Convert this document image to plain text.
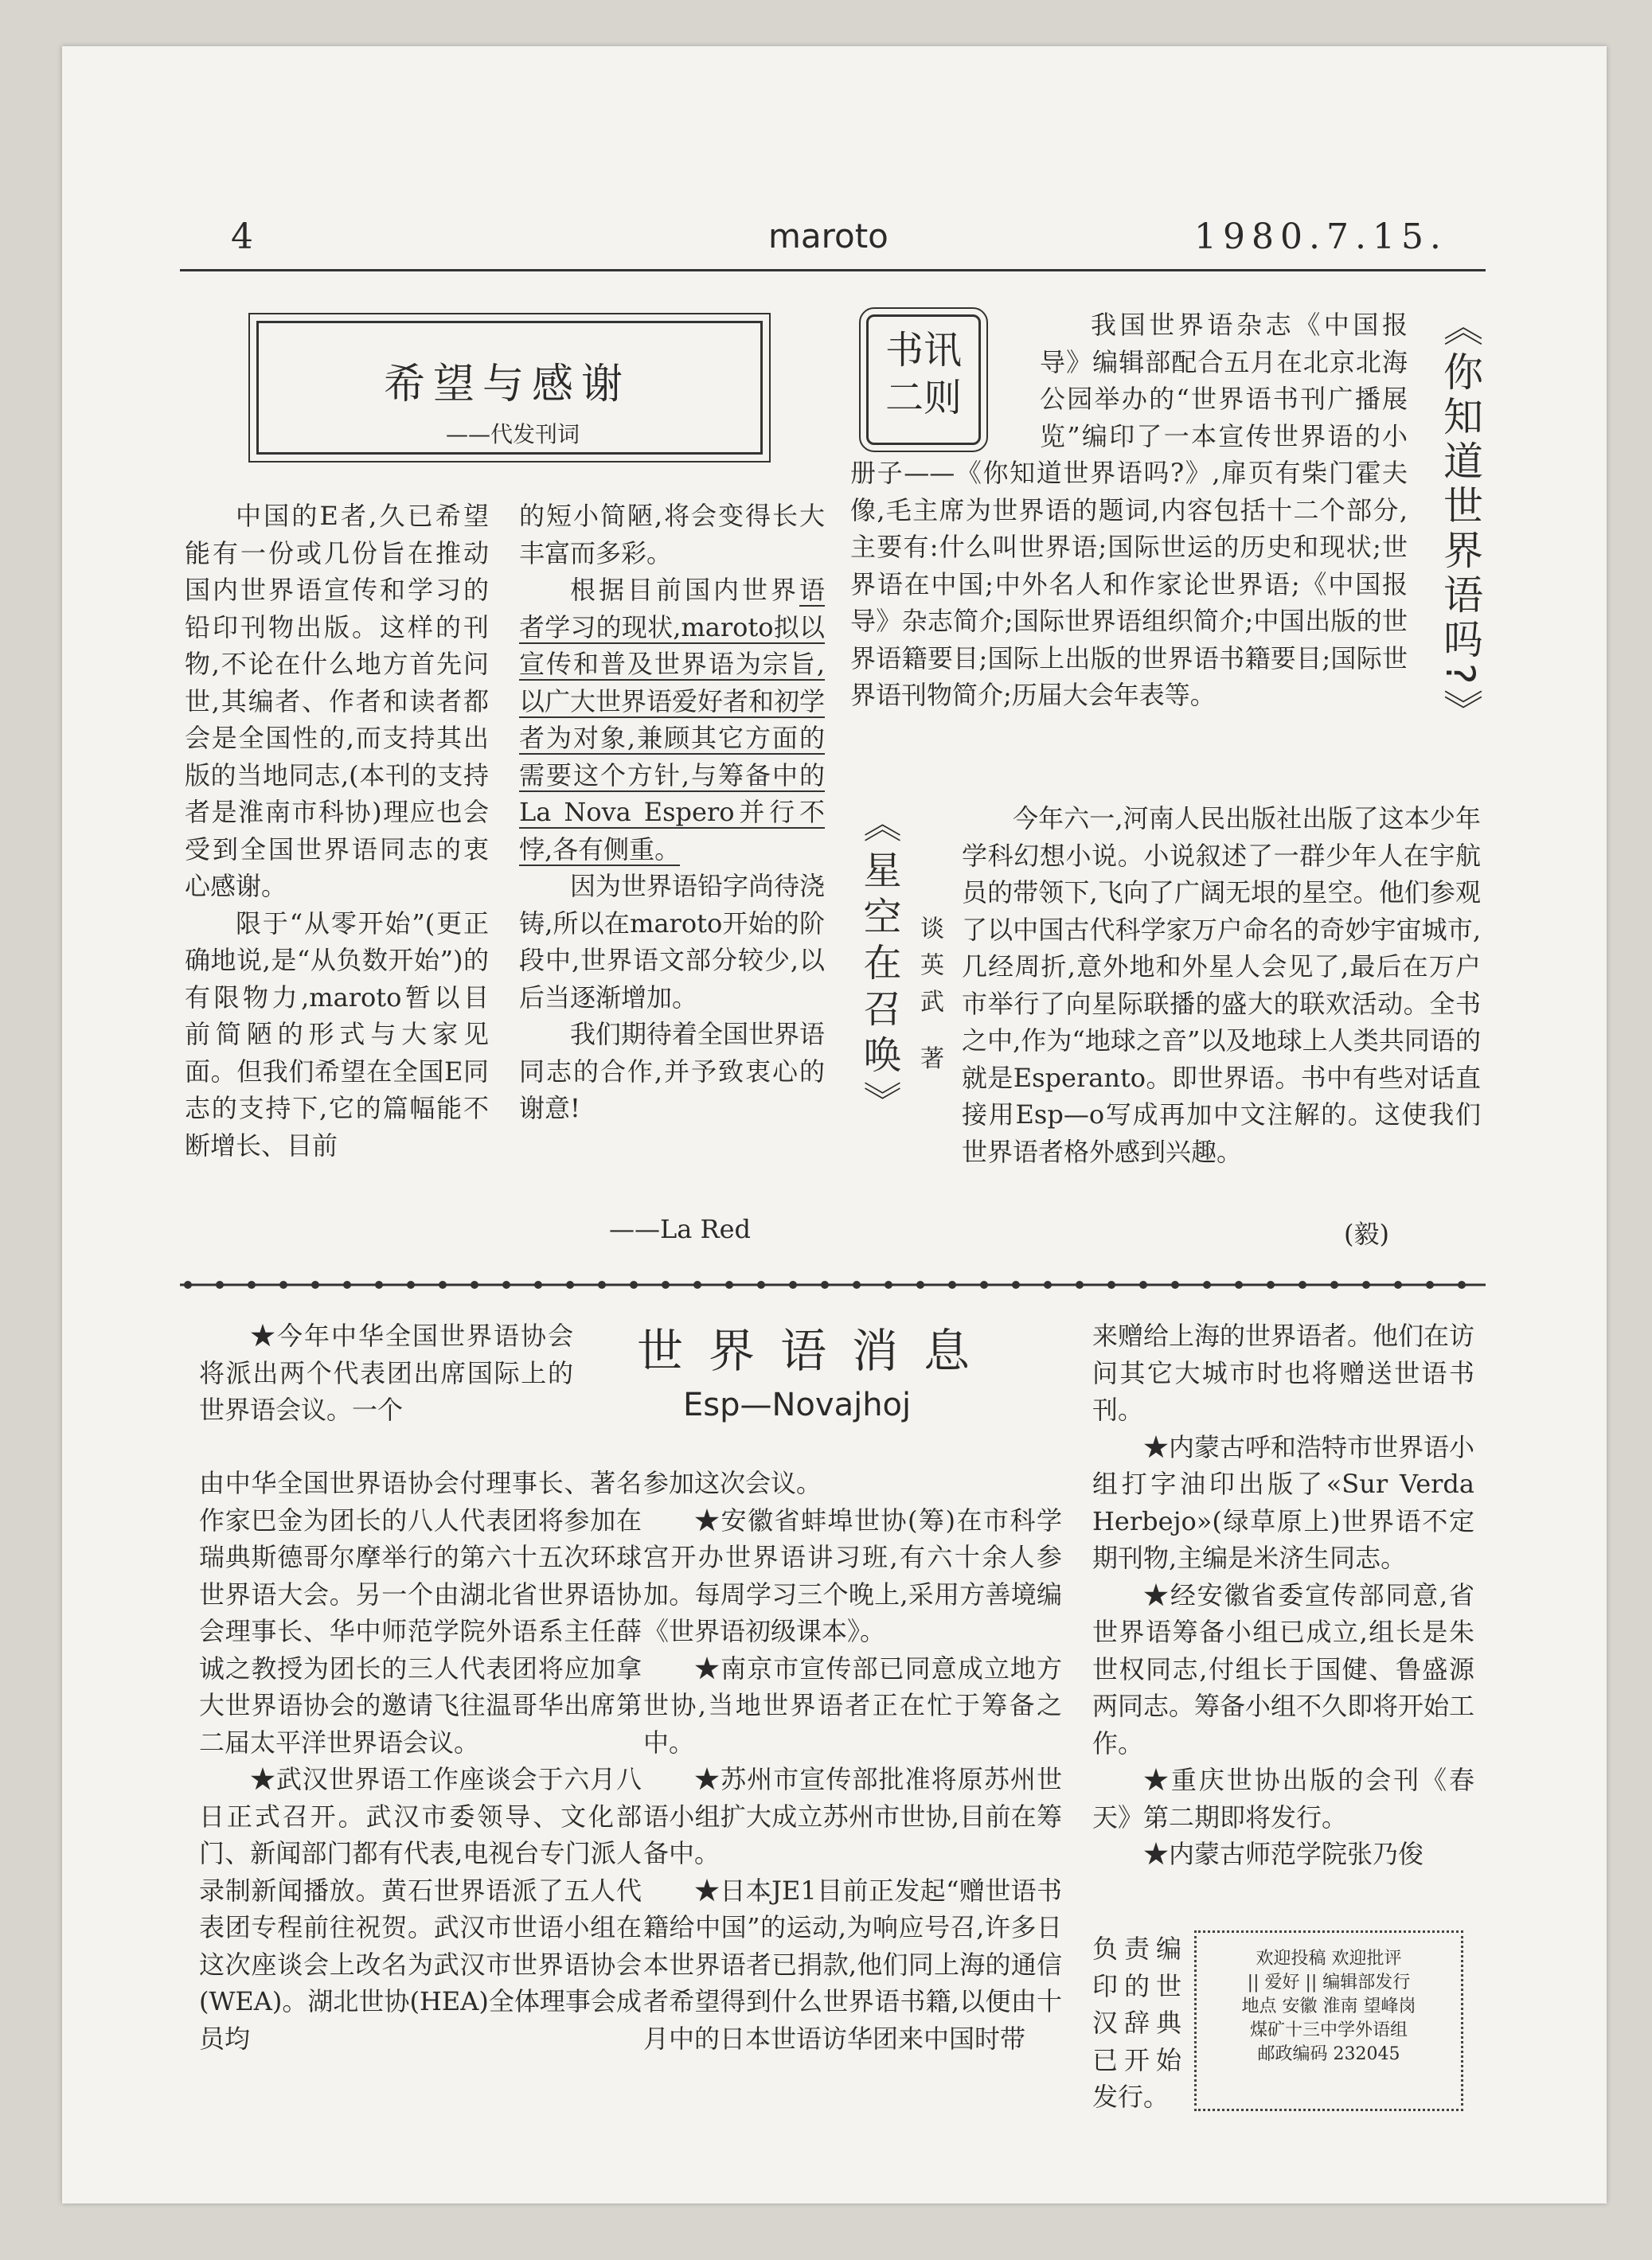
4	maroto	1980.7.15.
希望与感谢
——代发刊词

中国的E者,久已希望能有一份或几份旨在推动国内世界语宣传和学习的铅印刊物出版。这样的刊物,不论在什么地方首先问世,其编者、作者和读者都会是全国性的,而支持其出版的当地同志,(本刊的支持者是淮南市科协)理应也会受到全国世界语同志的衷心感谢。

限于“从零开始”(更正确地说,是“从负数开始”)的有限物力,maroto暂以目前简陋的形式与大家见面。但我们希望在全国E同志的支持下,它的篇幅能不断增长、目前

的短小简陋,将会变得长大丰富而多彩。

根据目前国内世界语者学习的现状,maroto拟以宣传和普及世界语为宗旨,以广大世界语爱好者和初学者为对象,兼顾其它方面的需要这个方针,与筹备中的La Nova Espero并行不悖,各有侧重。

因为世界语铅字尚待浇铸,所以在maroto开始的阶段中,世界语文部分较少,以后当逐渐增加。

我们期待着全国世界语同志的合作,并予致衷心的谢意!

——La Red
书讯
二则	《你知道世界语吗?》

我国世界语杂志《中国报导》编辑部配合五月在北京北海公园举办的“世界语书刊广播展览”编印了一本宣传世界语的小册子——《你知道世界语吗?》,扉页有柴门霍夫像,毛主席为世界语的题词,内容包括十二个部分,主要有:什么叫世界语;国际世运的历史和现状;世界语在中国;中外名人和作家论世界语;《中国报导》杂志简介;国际世界语组织简介;中国出版的世界语籍要目;国际上出版的世界语书籍要目;国际世界语刊物简介;历届大会年表等。

《星空在召唤》 谈英武 著

今年六一,河南人民出版社出版了这本少年学科幻想小说。小说叙述了一群少年人在宇航员的带领下,飞向了广阔无垠的星空。他们参观了以中国古代科学家万户命名的奇妙宇宙城市,几经周折,意外地和外星人会见了,最后在万户市举行了向星际联播的盛大的联欢活动。全书之中,作为“地球之音”以及地球上人类共同语的就是Esperanto。即世界语。书中有些对话直接用Esp—o写成再加中文注解的。这使我们世界语者格外感到兴趣。

(毅)
世界语消息
Esp—Novajhoj

★今年中华全国世界语协会将派出两个代表团出席国际上的世界语会议。一个

由中华全国世界语协会付理事长、著名作家巴金为团长的八人代表团将参加在瑞典斯德哥尔摩举行的第六十五次环球世界语大会。另一个由湖北省世界语协会理事长、华中师范学院外语系主任薛诚之教授为团长的三人代表团将应加拿大世界语协会的邀请飞往温哥华出席第二届太平洋世界语会议。

★武汉世界语工作座谈会于六月八日正式召开。武汉市委领导、文化部门、新闻部门都有代表,电视台专门派人录制新闻播放。黄石世界语派了五人代表团专程前往祝贺。武汉市世语小组在这次座谈会上改名为武汉市世界语协会(WEA)。湖北世协(HEA)全体理事会成员均

参加这次会议。

★安徽省蚌埠世协(筹)在市科学宫开办世界语讲习班,有六十余人参加。每周学习三个晚上,采用方善境编《世界语初级课本》。

★南京市宣传部已同意成立地方世协,当地世界语者正在忙于筹备之中。

★苏州市宣传部批准将原苏州世语小组扩大成立苏州市世协,目前在筹备中。

★日本JE1目前正发起“赠世语书籍给中国”的运动,为响应号召,许多日本世界语者已捐款,他们同上海的通信者希望得到什么世界语书籍,以便由十月中的日本世语访华团来中国时带

来赠给上海的世界语者。他们在访问其它大城市时也将赠送世语书刊。

★内蒙古呼和浩特市世界语小组打字油印出版了«Sur Verda Herbejo»(绿草原上)世界语不定期刊物,主编是米济生同志。

★经安徽省委宣传部同意,省世界语筹备小组已成立,组长是朱世权同志,付组长于国健、鲁盛源两同志。筹备小组不久即将开始工作。

★重庆世协出版的会刊《春天》第二期即将发行。

★内蒙古师范学院张乃俊

负责编印的世汉辞典已开始发行。

欢迎投稿 欢迎批评
|| 爱好 || 编辑部发行
地点 安徽 淮南 望峰岗
煤矿十三中学外语组
邮政编码 232045
